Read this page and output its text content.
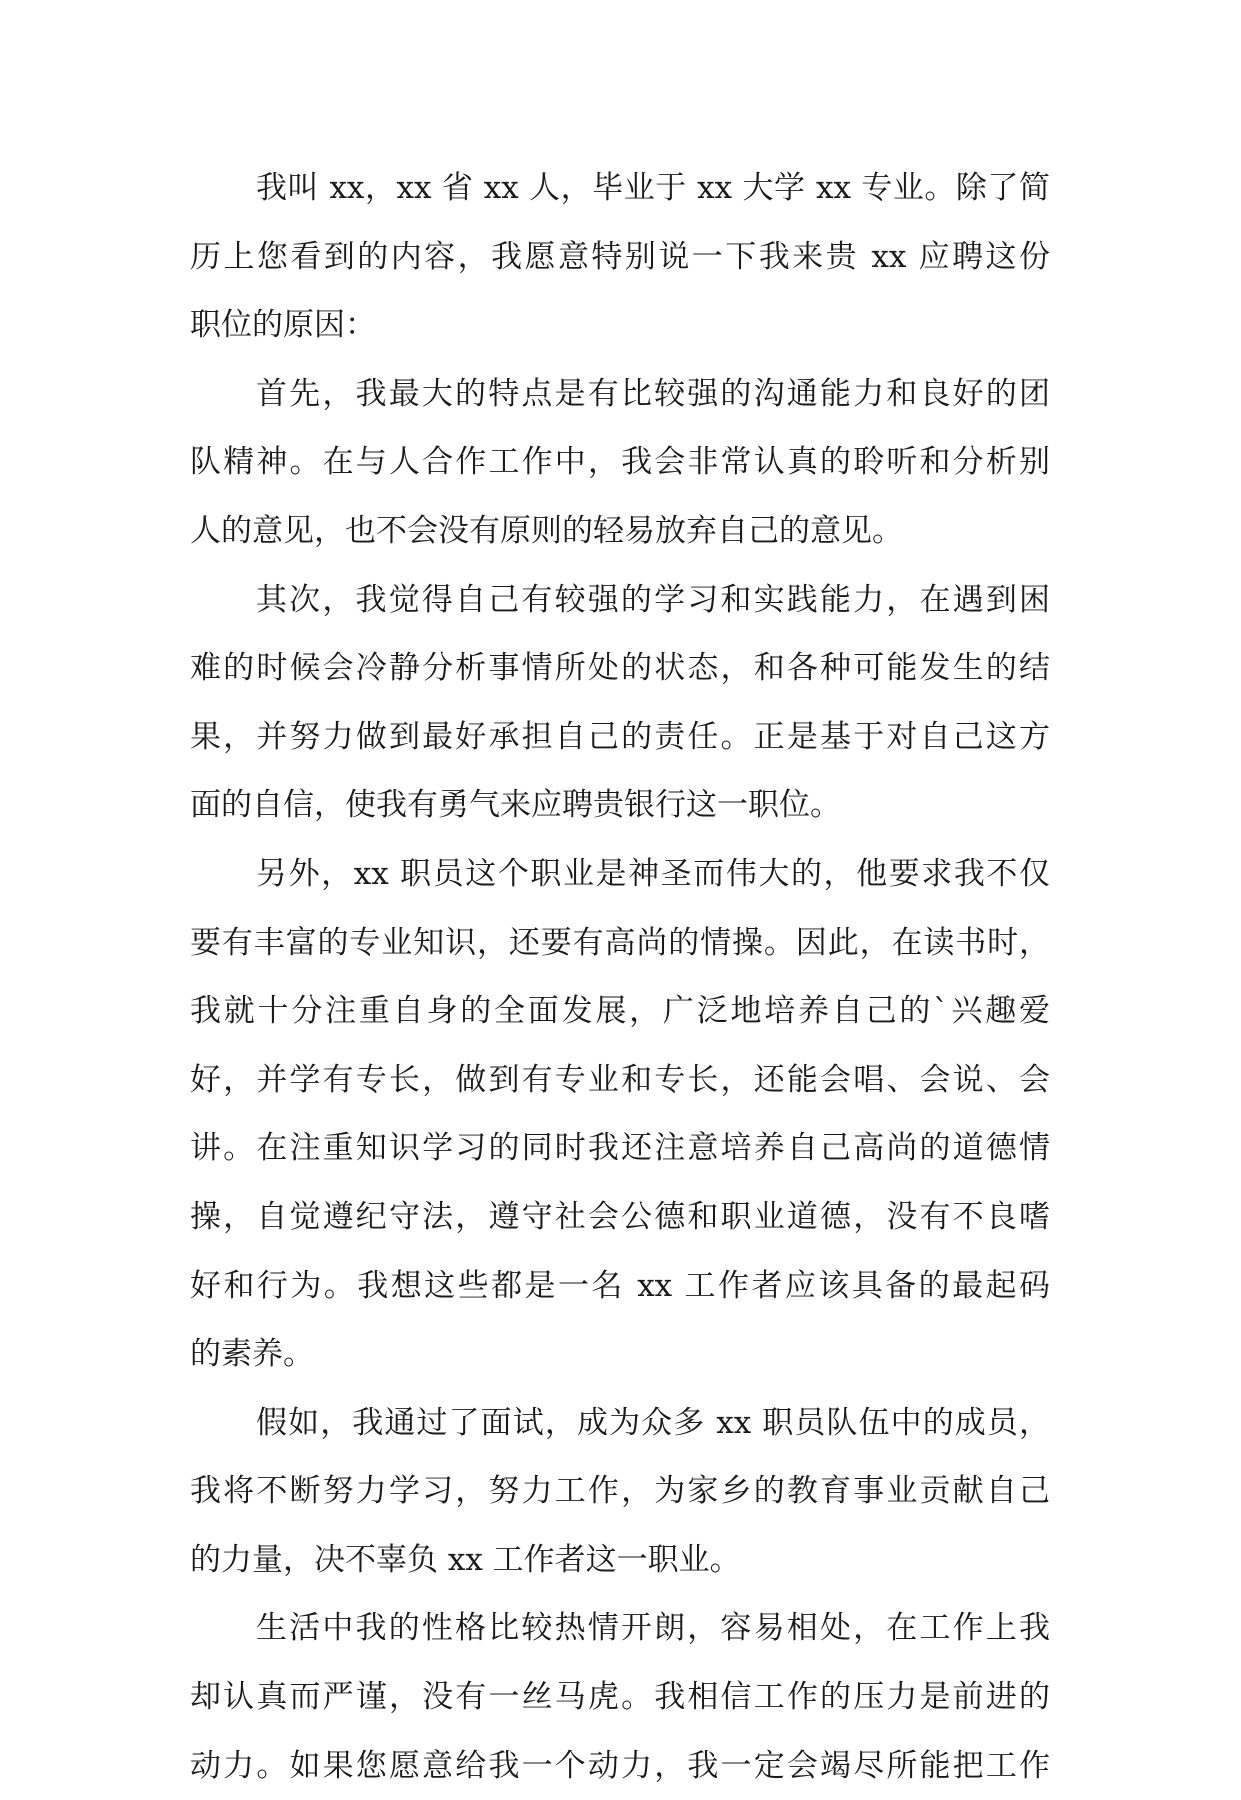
我叫 xx，xx 省 xx 人，毕业于 xx 大学 xx 专业。除了简
历上您看到的内容，我愿意特别说一下我来贵 xx 应聘这份
职位的原因：
首先，我最大的特点是有比较强的沟通能力和良好的团
队精神。在与人合作工作中，我会非常认真的聆听和分析别
人的意见，也不会没有原则的轻易放弃自己的意见。
其次，我觉得自己有较强的学习和实践能力，在遇到困
难的时候会冷静分析事情所处的状态，和各种可能发生的结
果，并努力做到最好承担自己的责任。正是基于对自己这方
面的自信，使我有勇气来应聘贵银行这一职位。
另外，xx 职员这个职业是神圣而伟大的，他要求我不仅
要有丰富的专业知识，还要有高尚的情操。因此，在读书时，
我就十分注重自身的全面发展，广泛地培养自己的`兴趣爱
好，并学有专长，做到有专业和专长，还能会唱、会说、会
讲。在注重知识学习的同时我还注意培养自己高尚的道德情
操，自觉遵纪守法，遵守社会公德和职业道德，没有不良嗜
好和行为。我想这些都是一名 xx 工作者应该具备的最起码
的素养。
假如，我通过了面试，成为众多 xx 职员队伍中的成员，
我将不断努力学习，努力工作，为家乡的教育事业贡献自己
的力量，决不辜负 xx 工作者这一职业。
生活中我的性格比较热情开朗，容易相处，在工作上我
却认真而严谨，没有一丝马虎。我相信工作的压力是前进的
动力。如果您愿意给我一个动力，我一定会竭尽所能把工作
